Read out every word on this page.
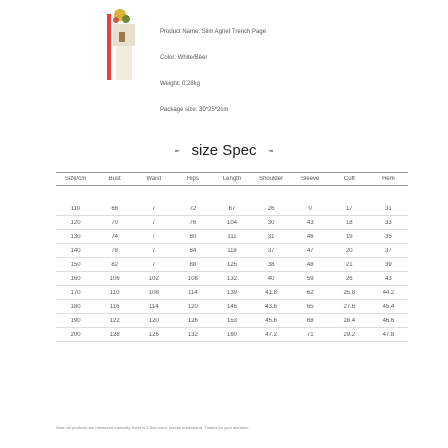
Product Name: Slim Agnet Trench Page
Color: White/Beer
Weight: 0.28kg
Package size: 30*25*2cm
- size Spec -
Size/cm	Bust	Waist	Hips	Length	Shoulder	Sleeve	Cuff	Hem
110	66	/	72	67	26	0	17	31
120	70	/	76	104	30	43	18	33
130	74	/	80	111	31	46	19	35
140	78	/	84	118	37	47	20	37
150	82	/	88	125	38	48	21	39
160	106	102	108	132	40	59	26	43
170	110	108	114	139	41.8	62	25.8	44.2
180	116	114	120	146	43.6	65	27.6	45.4
190	122	120	126	153	45.6	68	28.4	46.6
200	128	126	132	160	47.2	71	29.2	47.8
Note: All products are measured manually, there is 1-3cm error, please understand. Thanks for your attention.
